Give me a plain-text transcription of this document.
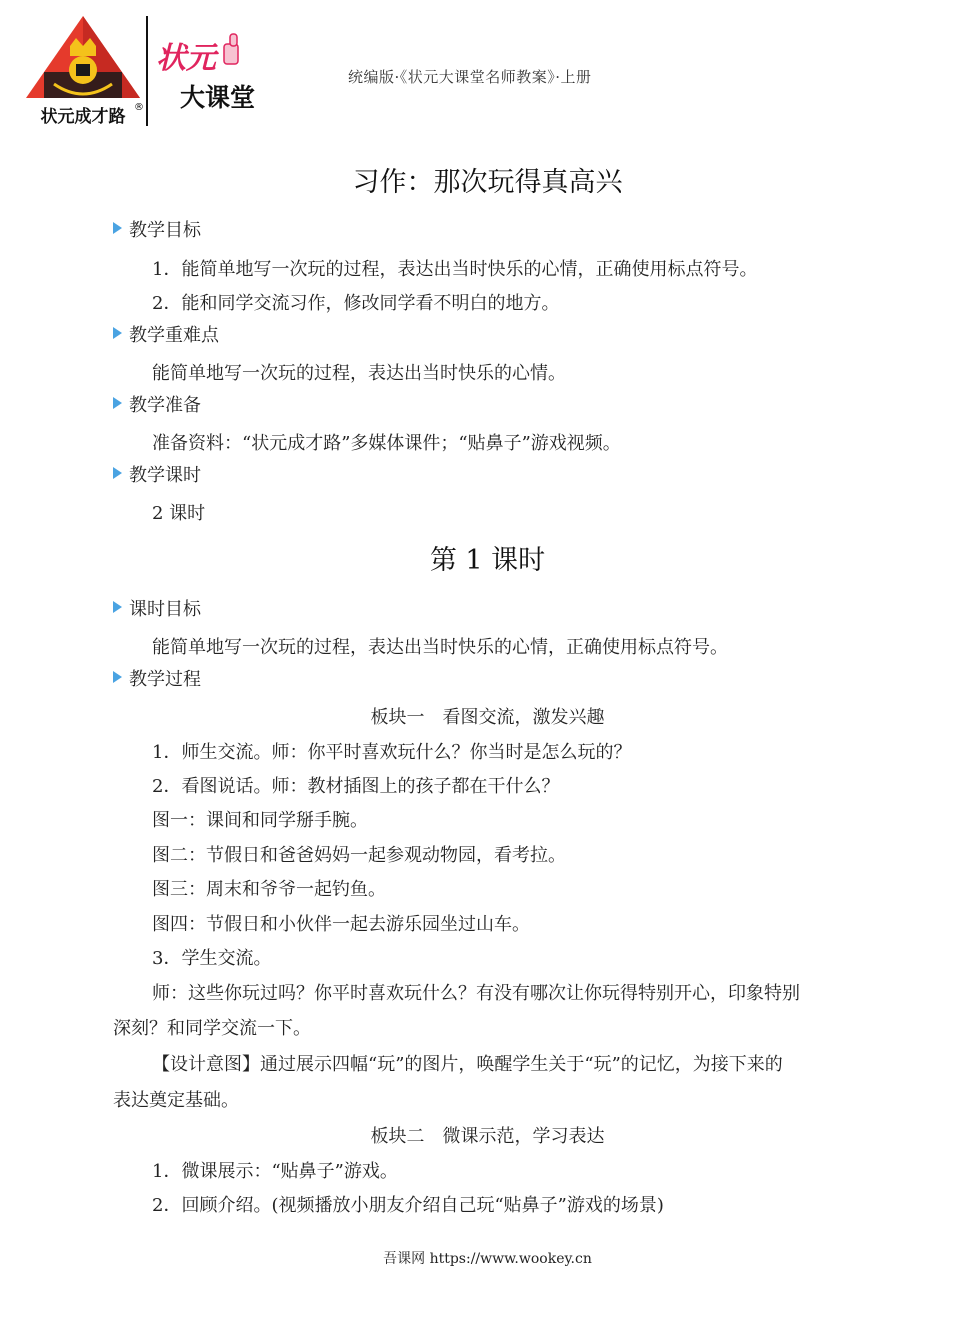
状元成才路 ®
状元
大课堂
统编版·《状元大课堂名师教案》·上册
习作：那次玩得真高兴
教学目标
1．能简单地写一次玩的过程，表达出当时快乐的心情，正确使用标点符号。
2．能和同学交流习作，修改同学看不明白的地方。
教学重难点
能简单地写一次玩的过程，表达出当时快乐的心情。
教学准备
准备资料：“状元成才路”多媒体课件；“贴鼻子”游戏视频。
教学课时
2 课时
第 1 课时
课时目标
能简单地写一次玩的过程，表达出当时快乐的心情，正确使用标点符号。
教学过程
板块一　看图交流，激发兴趣
1．师生交流。师：你平时喜欢玩什么？你当时是怎么玩的？
2．看图说话。师：教材插图上的孩子都在干什么？
图一：课间和同学掰手腕。
图二：节假日和爸爸妈妈一起参观动物园，看考拉。
图三：周末和爷爷一起钓鱼。
图四：节假日和小伙伴一起去游乐园坐过山车。
3．学生交流。
师：这些你玩过吗？你平时喜欢玩什么？有没有哪次让你玩得特别开心，印象特别
深刻？和同学交流一下。
【设计意图】通过展示四幅“玩”的图片，唤醒学生关于“玩”的记忆，为接下来的
表达奠定基础。
板块二　微课示范，学习表达
1．微课展示：“贴鼻子”游戏。
2．回顾介绍。(视频播放小朋友介绍自己玩“贴鼻子”游戏的场景)
吾课网 https://www.wookey.cn
